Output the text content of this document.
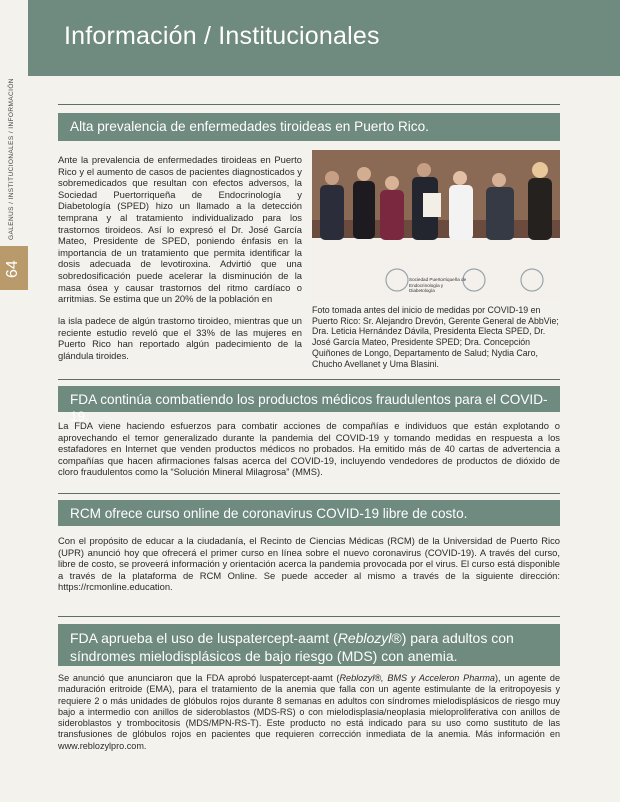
GALENUS / INSTITUCIONALES / INFORMACIÓN
64
Información / Institucionales
Alta prevalencia de enfermedades tiroideas en Puerto Rico.

Ante la prevalencia de enfermedades tiroideas en Puerto Rico y el aumento de casos de pacientes diagnosticados y sobremedicados que resultan con efectos adversos, la Sociedad Puertorriqueña de Endocrinología y Diabetología (SPED) hizo un llamado a la detección temprana y al tratamiento individualizado para los trastornos tiroideos. Así lo expresó el Dr. José García Mateo, Presidente de SPED, poniendo énfasis en la importancia de un tratamiento que permita identificar la dosis adecuada de levotiroxina. Advirtió que una sobredosificación puede acelerar la disminución de la masa ósea y causar trastornos del ritmo cardíaco o arritmias. Se estima que un 20% de la población en

la isla padece de algún trastorno tiroideo, mientras que un reciente estudio reveló que el 33% de las mujeres en Puerto Rico han reportado algún padecimiento de la glándula tiroides.

Sociedad Puertorriqueña de Endocrinología y Diabetología

Foto tomada antes del inicio de medidas por COVID-19 en Puerto Rico: Sr. Alejandro Drevón, Gerente General de AbbVie; Dra. Leticia Hernández Dávila, Presidenta Electa SPED, Dr. José García Mateo, Presidente SPED; Dra. Concepción Quiñones de Longo, Departamento de Salud; Nydia Caro, Chucho Avellanet y Uma Blasini.

FDA continúa combatiendo los productos médicos fraudulentos para el COVID-19.

La FDA viene haciendo esfuerzos para combatir acciones de compañías e individuos que están explotando o aprovechando el temor generalizado durante la pandemia del COVID-19 y tomando medidas en respuesta a los estafadores en Internet que venden productos médicos no probados. Ha emitido más de 40 cartas de advertencia a compañías que hacen afirmaciones falsas acerca del COVID-19, incluyendo vendedores de productos de dióxido de cloro fraudulentos como la “Solución Mineral Milagrosa” (MMS).

RCM ofrece curso online de coronavirus COVID-19 libre de costo.

Con el propósito de educar a la ciudadanía, el Recinto de Ciencias Médicas (RCM) de la Universidad de Puerto Rico (UPR) anunció hoy que ofrecerá el primer curso en línea sobre el nuevo coronavirus (COVID-19). A través del curso, libre de costo, se proveerá información y orientación acerca la pandemia provocada por el virus. El curso está disponible a través de la plataforma de RCM Online. Se puede acceder al mismo a través de la siguiente dirección: https://rcmonline.education.

FDA aprueba el uso de luspatercept-aamt (Reblozyl®) para adultos con síndromes mielodisplásicos de bajo riesgo (MDS) con anemia.

Se anunció que anunciaron que la FDA aprobó luspatercept-aamt (Reblozyl®, BMS y Acceleron Pharma), un agente de maduración eritroide (EMA), para el tratamiento de la anemia que falla con un agente estimulante de la eritropoyesis y requiere 2 o más unidades de glóbulos rojos durante 8 semanas en adultos con síndromes mielodisplásicos de riesgo muy bajo a intermedio con anillos de sideroblastos (MDS-RS) o con mielodisplasia/neoplasia mieloproliferativa con anillos de sideroblastos y trombocitosis (MDS/MPN-RS-T). Este producto no está indicado para su uso como sustituto de las transfusiones de glóbulos rojos en pacientes que requieren corrección inmediata de la anemia. Más información en www.reblozylpro.com.
